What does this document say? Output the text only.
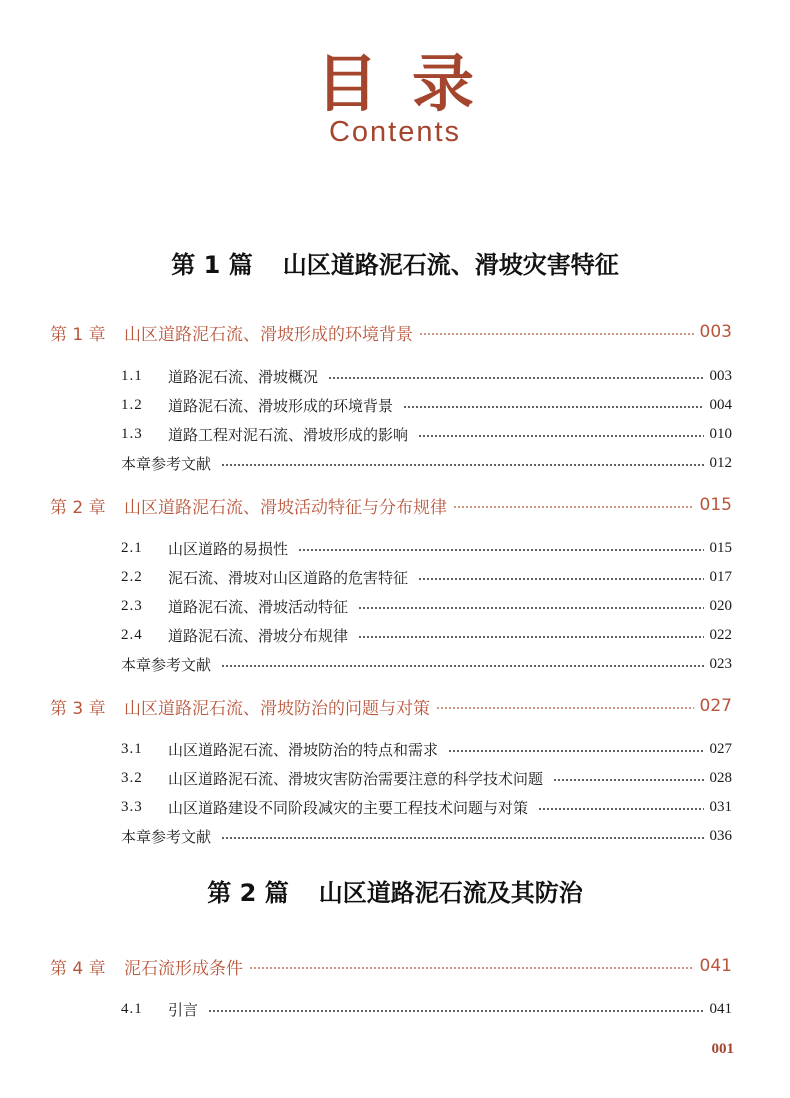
目录
Contents
第 1 篇 山区道路泥石流、滑坡灾害特征
第 1 章	山区道路泥石流、滑坡形成的环境背景	003
1.1	道路泥石流、滑坡概况	003
1.2	道路泥石流、滑坡形成的环境背景	004
1.3	道路工程对泥石流、滑坡形成的影响	010
本章参考文献	012
第 2 章	山区道路泥石流、滑坡活动特征与分布规律	015
2.1	山区道路的易损性	015
2.2	泥石流、滑坡对山区道路的危害特征	017
2.3	道路泥石流、滑坡活动特征	020
2.4	道路泥石流、滑坡分布规律	022
本章参考文献	023
第 3 章	山区道路泥石流、滑坡防治的问题与对策	027
3.1	山区道路泥石流、滑坡防治的特点和需求	027
3.2	山区道路泥石流、滑坡灾害防治需要注意的科学技术问题	028
3.3	山区道路建设不同阶段减灾的主要工程技术问题与对策	031
本章参考文献	036
第 2 篇 山区道路泥石流及其防治
第 4 章	泥石流形成条件	041
4.1	引言	041
001
